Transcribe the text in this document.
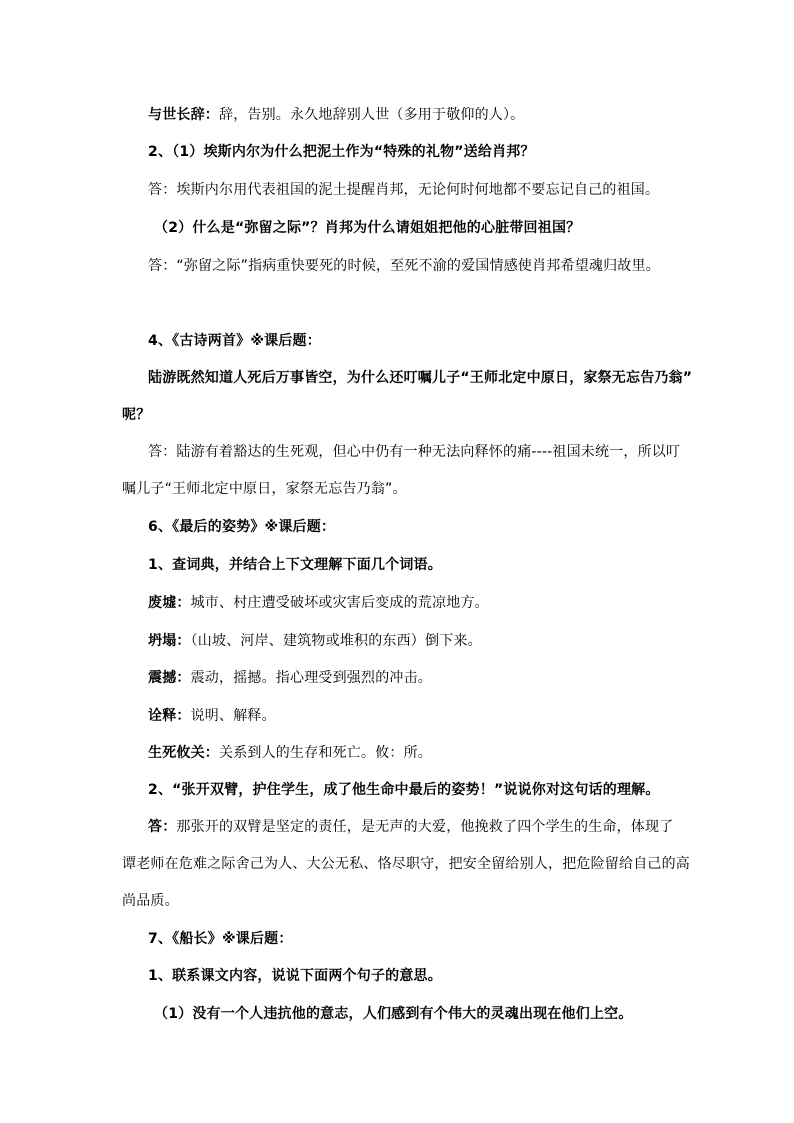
与世长辞：辞，告别。永久地辞别人世（多用于敬仰的人）。
2、（1）埃斯内尔为什么把泥土作为“特殊的礼物”送给肖邦？
答：埃斯内尔用代表祖国的泥土提醒肖邦，无论何时何地都不要忘记自己的祖国。
（2）什么是“弥留之际”？肖邦为什么请姐姐把他的心脏带回祖国？
答：“弥留之际”指病重快要死的时候，至死不渝的爱国情感使肖邦希望魂归故里。
4、《古诗两首》※课后题：
陆游既然知道人死后万事皆空，为什么还叮嘱儿子“王师北定中原日，家祭无忘告乃翁”
呢？
答：陆游有着豁达的生死观，但心中仍有一种无法向释怀的痛----祖国未统一，所以叮
嘱儿子“王师北定中原日，家祭无忘告乃翁”。
6、《最后的姿势》※课后题：
1、查词典，并结合上下文理解下面几个词语。
废墟：城市、村庄遭受破坏或灾害后变成的荒凉地方。
坍塌：（山坡、河岸、建筑物或堆积的东西）倒下来。
震撼：震动，摇撼。指心理受到强烈的冲击。
诠释：说明、解释。
生死攸关：关系到人的生存和死亡。攸：所。
2、“张开双臂，护住学生，成了他生命中最后的姿势！”说说你对这句话的理解。
答：那张开的双臂是坚定的责任，是无声的大爱，他挽救了四个学生的生命，体现了
谭老师在危难之际舍己为人、大公无私、恪尽职守，把安全留给别人，把危险留给自己的高
尚品质。
7、《船长》※课后题：
1、联系课文内容，说说下面两个句子的意思。
（1）没有一个人违抗他的意志，人们感到有个伟大的灵魂出现在他们上空。
